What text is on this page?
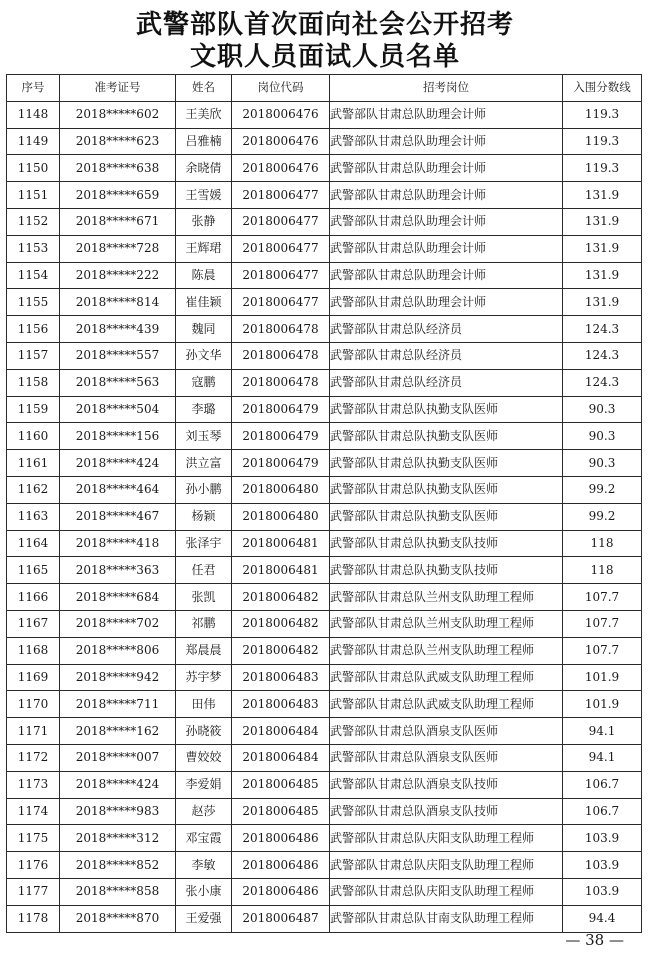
武警部队首次面向社会公开招考
文职人员面试人员名单
序号	准考证号	姓名	岗位代码	招考岗位	入围分数线
1148	2018*****602	王美欣	2018006476	武警部队甘肃总队助理会计师	119.3
1149	2018*****623	吕雅楠	2018006476	武警部队甘肃总队助理会计师	119.3
1150	2018*****638	余晓倩	2018006476	武警部队甘肃总队助理会计师	119.3
1151	2018*****659	王雪媛	2018006477	武警部队甘肃总队助理会计师	131.9
1152	2018*****671	张静	2018006477	武警部队甘肃总队助理会计师	131.9
1153	2018*****728	王辉珺	2018006477	武警部队甘肃总队助理会计师	131.9
1154	2018*****222	陈晨	2018006477	武警部队甘肃总队助理会计师	131.9
1155	2018*****814	崔佳颖	2018006477	武警部队甘肃总队助理会计师	131.9
1156	2018*****439	魏同	2018006478	武警部队甘肃总队经济员	124.3
1157	2018*****557	孙文华	2018006478	武警部队甘肃总队经济员	124.3
1158	2018*****563	寇鹏	2018006478	武警部队甘肃总队经济员	124.3
1159	2018*****504	李璐	2018006479	武警部队甘肃总队执勤支队医师	90.3
1160	2018*****156	刘玉琴	2018006479	武警部队甘肃总队执勤支队医师	90.3
1161	2018*****424	洪立富	2018006479	武警部队甘肃总队执勤支队医师	90.3
1162	2018*****464	孙小鹏	2018006480	武警部队甘肃总队执勤支队医师	99.2
1163	2018*****467	杨颖	2018006480	武警部队甘肃总队执勤支队医师	99.2
1164	2018*****418	张泽宇	2018006481	武警部队甘肃总队执勤支队技师	118
1165	2018*****363	任君	2018006481	武警部队甘肃总队执勤支队技师	118
1166	2018*****684	张凯	2018006482	武警部队甘肃总队兰州支队助理工程师	107.7
1167	2018*****702	祁鹏	2018006482	武警部队甘肃总队兰州支队助理工程师	107.7
1168	2018*****806	郑晨晨	2018006482	武警部队甘肃总队兰州支队助理工程师	107.7
1169	2018*****942	苏宇梦	2018006483	武警部队甘肃总队武威支队助理工程师	101.9
1170	2018*****711	田伟	2018006483	武警部队甘肃总队武威支队助理工程师	101.9
1171	2018*****162	孙晓筱	2018006484	武警部队甘肃总队酒泉支队医师	94.1
1172	2018*****007	曹姣姣	2018006484	武警部队甘肃总队酒泉支队医师	94.1
1173	2018*****424	李爱娟	2018006485	武警部队甘肃总队酒泉支队技师	106.7
1174	2018*****983	赵莎	2018006485	武警部队甘肃总队酒泉支队技师	106.7
1175	2018*****312	邓宝霞	2018006486	武警部队甘肃总队庆阳支队助理工程师	103.9
1176	2018*****852	李敏	2018006486	武警部队甘肃总队庆阳支队助理工程师	103.9
1177	2018*****858	张小康	2018006486	武警部队甘肃总队庆阳支队助理工程师	103.9
1178	2018*****870	王爱强	2018006487	武警部队甘肃总队甘南支队助理工程师	94.4
— 38 —
